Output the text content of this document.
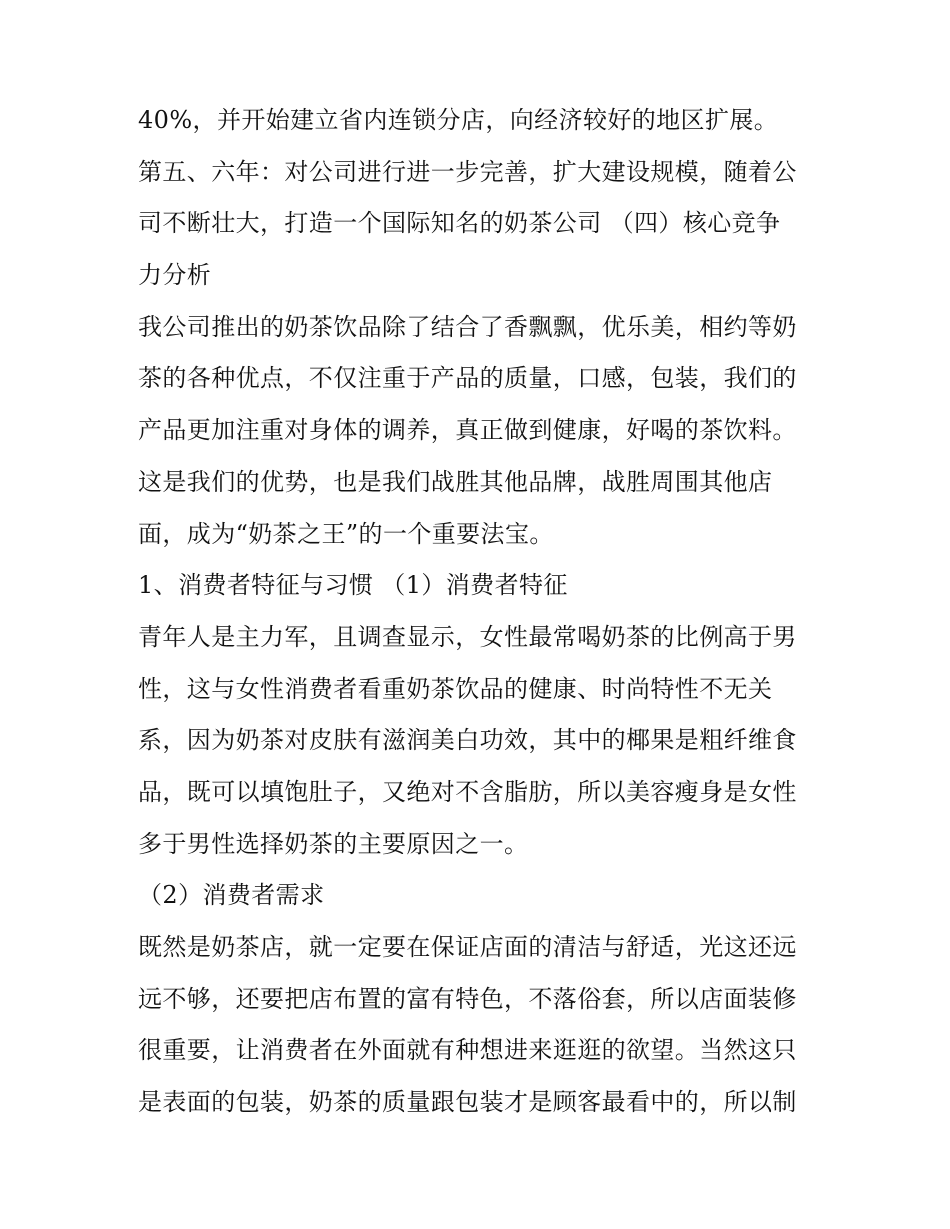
40%，并开始建立省内连锁分店，向经济较好的地区扩展。
第五、六年：对公司进行进一步完善，扩大建设规模，随着公
司不断壮大，打造一个国际知名的奶茶公司 （四）核心竞争
力分析
我公司推出的奶茶饮品除了结合了香飘飘，优乐美，相约等奶
茶的各种优点，不仅注重于产品的质量，口感，包装，我们的
产品更加注重对身体的调养，真正做到健康，好喝的茶饮料。
这是我们的优势，也是我们战胜其他品牌，战胜周围其他店
面，成为“奶茶之王”的一个重要法宝。
1、消费者特征与习惯 （1）消费者特征
青年人是主力军，且调查显示，女性最常喝奶茶的比例高于男
性，这与女性消费者看重奶茶饮品的健康、时尚特性不无关
系，因为奶茶对皮肤有滋润美白功效，其中的椰果是粗纤维食
品，既可以填饱肚子，又绝对不含脂肪，所以美容瘦身是女性
多于男性选择奶茶的主要原因之一。
（2）消费者需求
既然是奶茶店，就一定要在保证店面的清洁与舒适，光这还远
远不够，还要把店布置的富有特色，不落俗套，所以店面装修
很重要，让消费者在外面就有种想进来逛逛的欲望。当然这只
是表面的包装，奶茶的质量跟包装才是顾客最看中的，所以制
